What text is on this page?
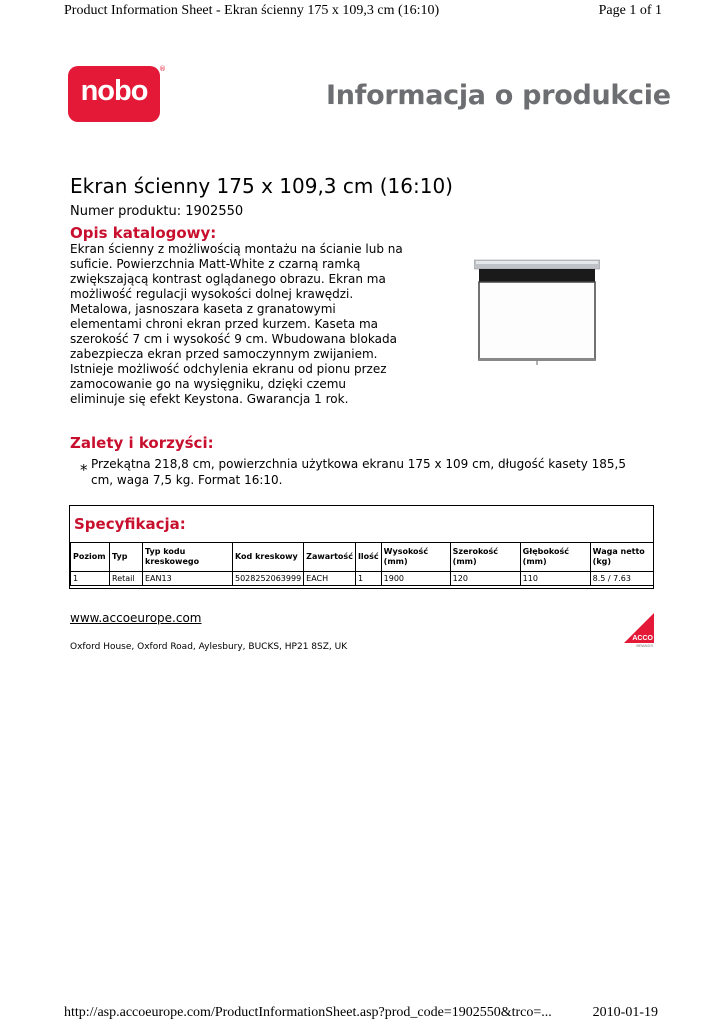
Product Information Sheet - Ekran ścienny 175 x 109,3 cm (16:10)	Page 1 of 1
nobo
®
Informacja o produkcie
Ekran ścienny 175 x 109,3 cm (16:10)
Numer produktu: 1902550
Opis katalogowy:
Ekran ścienny z możliwością montażu na ścianie lub na
suficie. Powierzchnia Matt-White z czarną ramką
zwiększającą kontrast oglądanego obrazu. Ekran ma
możliwość regulacji wysokości dolnej krawędzi.
Metalowa, jasnoszara kaseta z granatowymi
elementami chroni ekran przed kurzem. Kaseta ma
szerokość 7 cm i wysokość 9 cm. Wbudowana blokada
zabezpiecza ekran przed samoczynnym zwijaniem.
Istnieje możliwość odchylenia ekranu od pionu przez
zamocowanie go na wysięgniku, dzięki czemu
eliminuje się efekt Keystona. Gwarancja 1 rok.
Zalety i korzyści:
* Przekątna 218,8 cm, powierzchnia użytkowa ekranu 175 x 109 cm, długość kasety 185,5
cm, waga 7,5 kg. Format 16:10.
Specyfikacja:
Poziom	Typ	Typ kodu kreskowego	Kod kreskowy	Zawartość	Ilość	Wysokość (mm)	Szerokość (mm)	Głębokość (mm)	Waga netto (kg)
1	Retail	EAN13	5028252063999	EACH	1	1900	120	110	8.5 / 7.63
www.accoeurope.com
Oxford House, Oxford Road, Aylesbury, BUCKS, HP21 8SZ, UK
ACCO
BRANDS
http://asp.accoeurope.com/ProductInformationSheet.asp?prod_code=1902550&trco=...	2010-01-19
